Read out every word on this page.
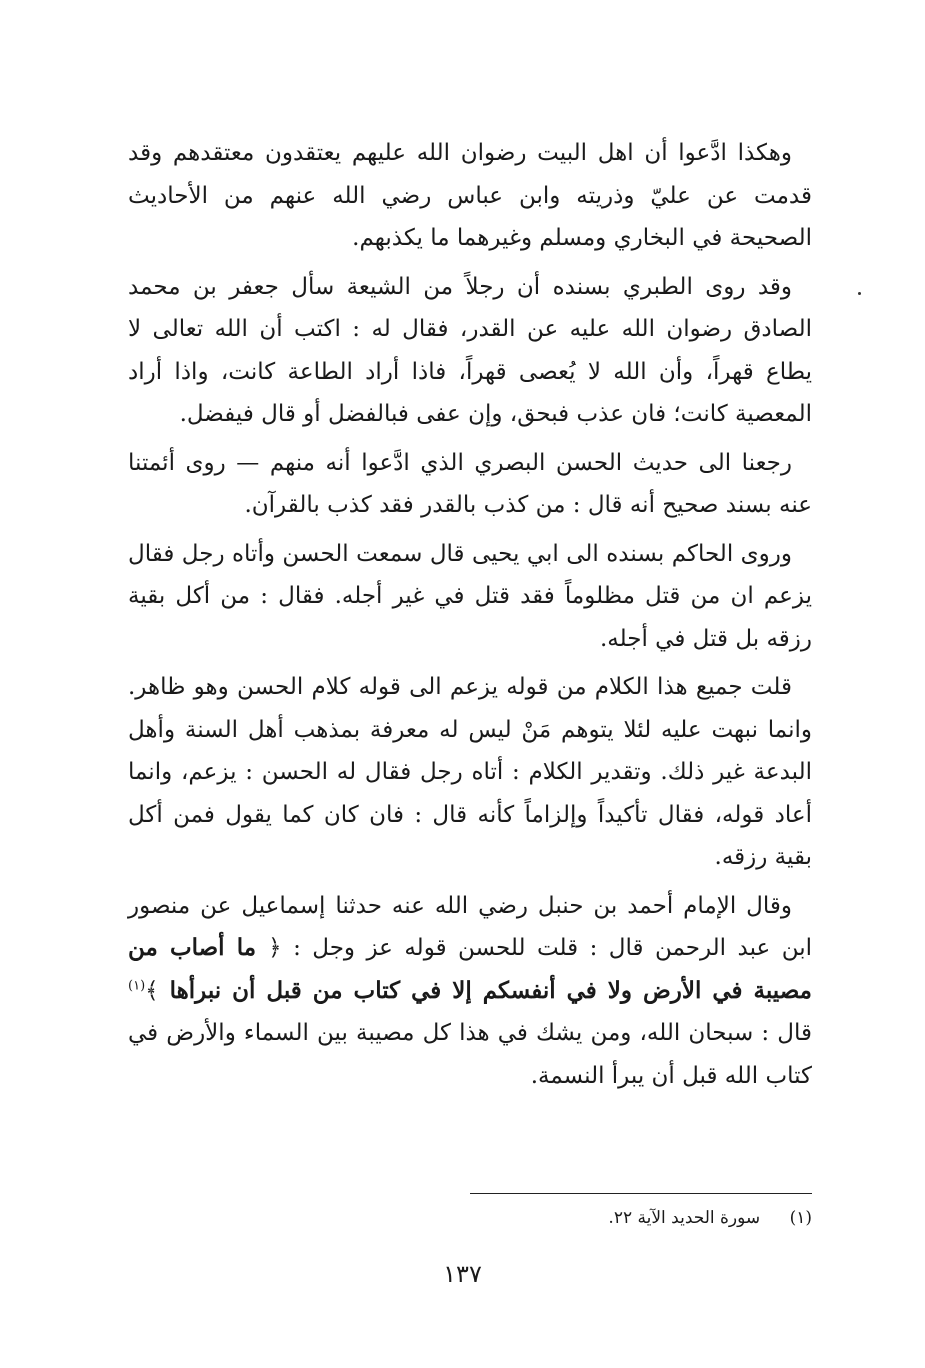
وهكذا ادَّعوا أن اهل البيت رضوان الله عليهم يعتقدون معتقدهم وقد قدمت عن عليّ وذريته وابن عباس رضي الله عنهم من الأحاديث الصحيحة في البخاري ومسلم وغيرهما ما يكذبهم.

وقد روى الطبري بسنده أن رجلاً من الشيعة سأل جعفر بن محمد الصادق رضوان الله عليه عن القدر، فقال له : اكتب أن الله تعالى لا يطاع قهراً، وأن الله لا يُعصى قهراً، فاذا أراد الطاعة كانت، واذا أراد المعصية كانت؛ فان عذب فبحق، وإن عفى فبالفضل أو قال فيفضل.

رجعنا الى حديث الحسن البصري الذي ادَّعوا أنه منهم — روى أئمتنا عنه بسند صحيح أنه قال : من كذب بالقدر فقد كذب بالقرآن.

وروى الحاكم بسنده الى ابي يحيى قال سمعت الحسن وأتاه رجل فقال يزعم ان من قتل مظلوماً فقد قتل في غير أجله. فقال : من أكل بقية رزقه بل قتل في أجله.

قلت جميع هذا الكلام من قوله يزعم الى قوله كلام الحسن وهو ظاهر. وانما نبهت عليه لئلا يتوهم مَنْ ليس له معرفة بمذهب أهل السنة وأهل البدعة غير ذلك. وتقدير الكلام : أتاه رجل فقال له الحسن : يزعم، وانما أعاد قوله، فقال تأكيداً وإلزاماً كأنه قال : فان كان كما يقول فمن أكل بقية رزقه.

وقال الإمام أحمد بن حنبل رضي الله عنه حدثنا إسماعيل عن منصور ابن عبد الرحمن قال : قلت للحسن قوله عز وجل : ﴿ ما أصاب من مصيبة في الأرض ولا في أنفسكم إلا في كتاب من قبل أن نبرأها ﴾$^{(١)}$ قال : سبحان الله، ومن يشك في هذا كل مصيبة بين السماء والأرض في كتاب الله قبل أن يبرأ النسمة.

(١) سورة الحديد الآية ٢٢.
١٣٧
